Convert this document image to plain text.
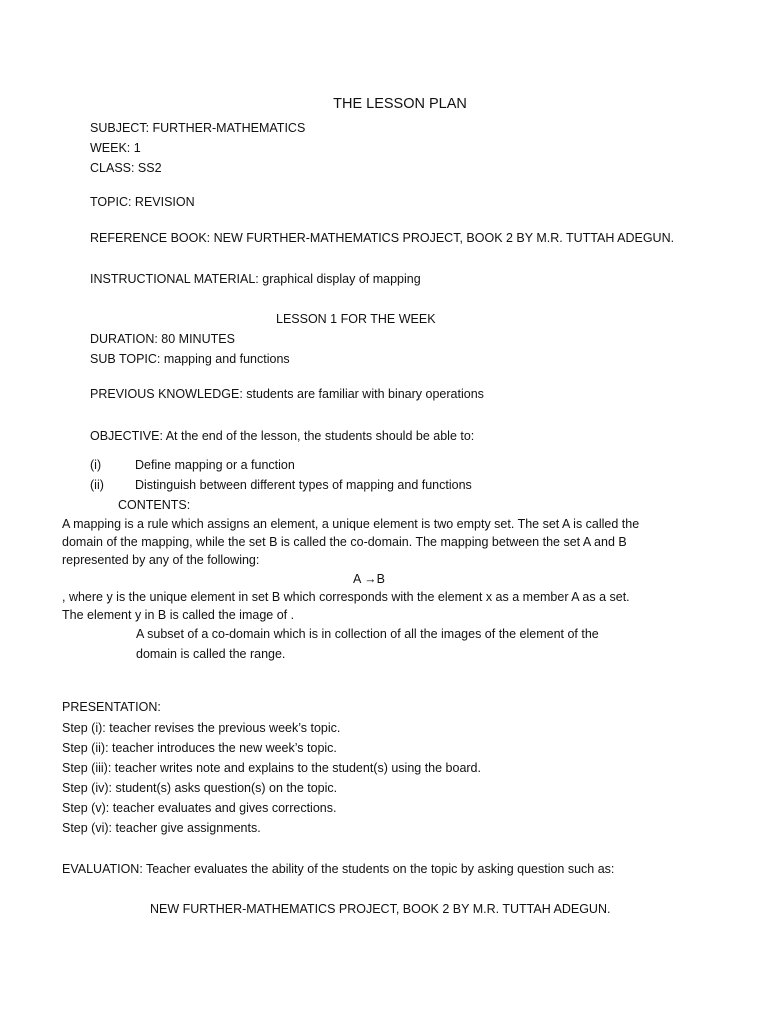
THE LESSON PLAN
SUBJECT: FURTHER-MATHEMATICS
WEEK: 1
CLASS: SS2
TOPIC: REVISION
REFERENCE BOOK: NEW FURTHER-MATHEMATICS PROJECT, BOOK 2 BY M.R. TUTTAH ADEGUN.
INSTRUCTIONAL MATERIAL: graphical display of mapping
LESSON 1 FOR THE WEEK
DURATION: 80 MINUTES
SUB TOPIC: mapping and functions
PREVIOUS KNOWLEDGE: students are familiar with binary operations
OBJECTIVE: At the end of the lesson, the students should be able to:
(i)	Define mapping or a function
(ii) Distinguish between different types of mapping and functions
CONTENTS:
A mapping is a rule which assigns an element, a unique element is two empty set. The set A is called the
domain of the mapping, while the set B is called the co-domain. The mapping between the set A and B
represented by any of the following:
A →B
, where y is the unique element in set B which corresponds with the element x as a member A as a set.
The element y in B is called the image of .
A subset of a co-domain which is in collection of all the images of the element of the
domain is called the range.
PRESENTATION:
Step (i): teacher revises the previous week’s topic.
Step (ii): teacher introduces the new week’s topic.
Step (iii): teacher writes note and explains to the student(s) using the board.
Step (iv): student(s) asks question(s) on the topic.
Step (v): teacher evaluates and gives corrections.
Step (vi): teacher give assignments.
EVALUATION: Teacher evaluates the ability of the students on the topic by asking question such as:
NEW FURTHER-MATHEMATICS PROJECT, BOOK 2 BY M.R. TUTTAH ADEGUN.
